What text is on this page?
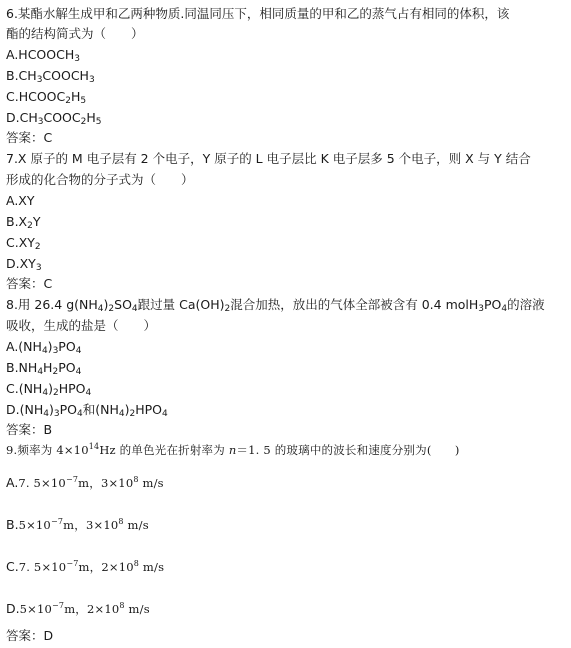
6.某酯水解生成甲和乙两种物质.同温同压下，相同质量的甲和乙的蒸气占有相同的体积，该
酯的结构简式为（　　）
$A.HCOOCH_3$
$B.CH_3COOCH_3$
$C.HCOOC_2H_5$
$D.CH_3COOC_2H_5$
答案：C
7.X 原子的 M 电子层有 2 个电子，Y 原子的 L 电子层比 K 电子层多 5 个电子，则 X 与 Y 结合
形成的化合物的分子式为（　　）
A.XY
$B.X_2Y$
$C.XY_2$
$D.XY_3$
答案：C
8.用 26.4 $g(NH_4)_2SO_4$跟过量 $Ca(OH)_2$混合加热，放出的气体全部被含有 0.4 $molH_3PO_4$的溶液
吸收，生成的盐是（　　）
$A.(NH_4)_3PO_4$
$B.NH_4H_2PO_4$
$C.(NH_4)_2HPO_4$
$D.(NH_4)_3PO_4$和$(NH_4)_2HPO_4$
答案：B
9.频率为 $4\times 10^{14}Hz$ 的单色光在折射率为 n＝1. 5 的玻璃中的波长和速度分别为(　　)
A.7. $5\times 10^{-7}m$，$3\times 10^8$ m/s
$B.5\times 10^{-7}m$，$3\times 10^8$ m/s
C.7. $5\times 10^{-7}m$，$2\times 10^8$ m/s
$D.5\times 10^{-7}m$，$2\times 10^8$ m/s
答案：D
